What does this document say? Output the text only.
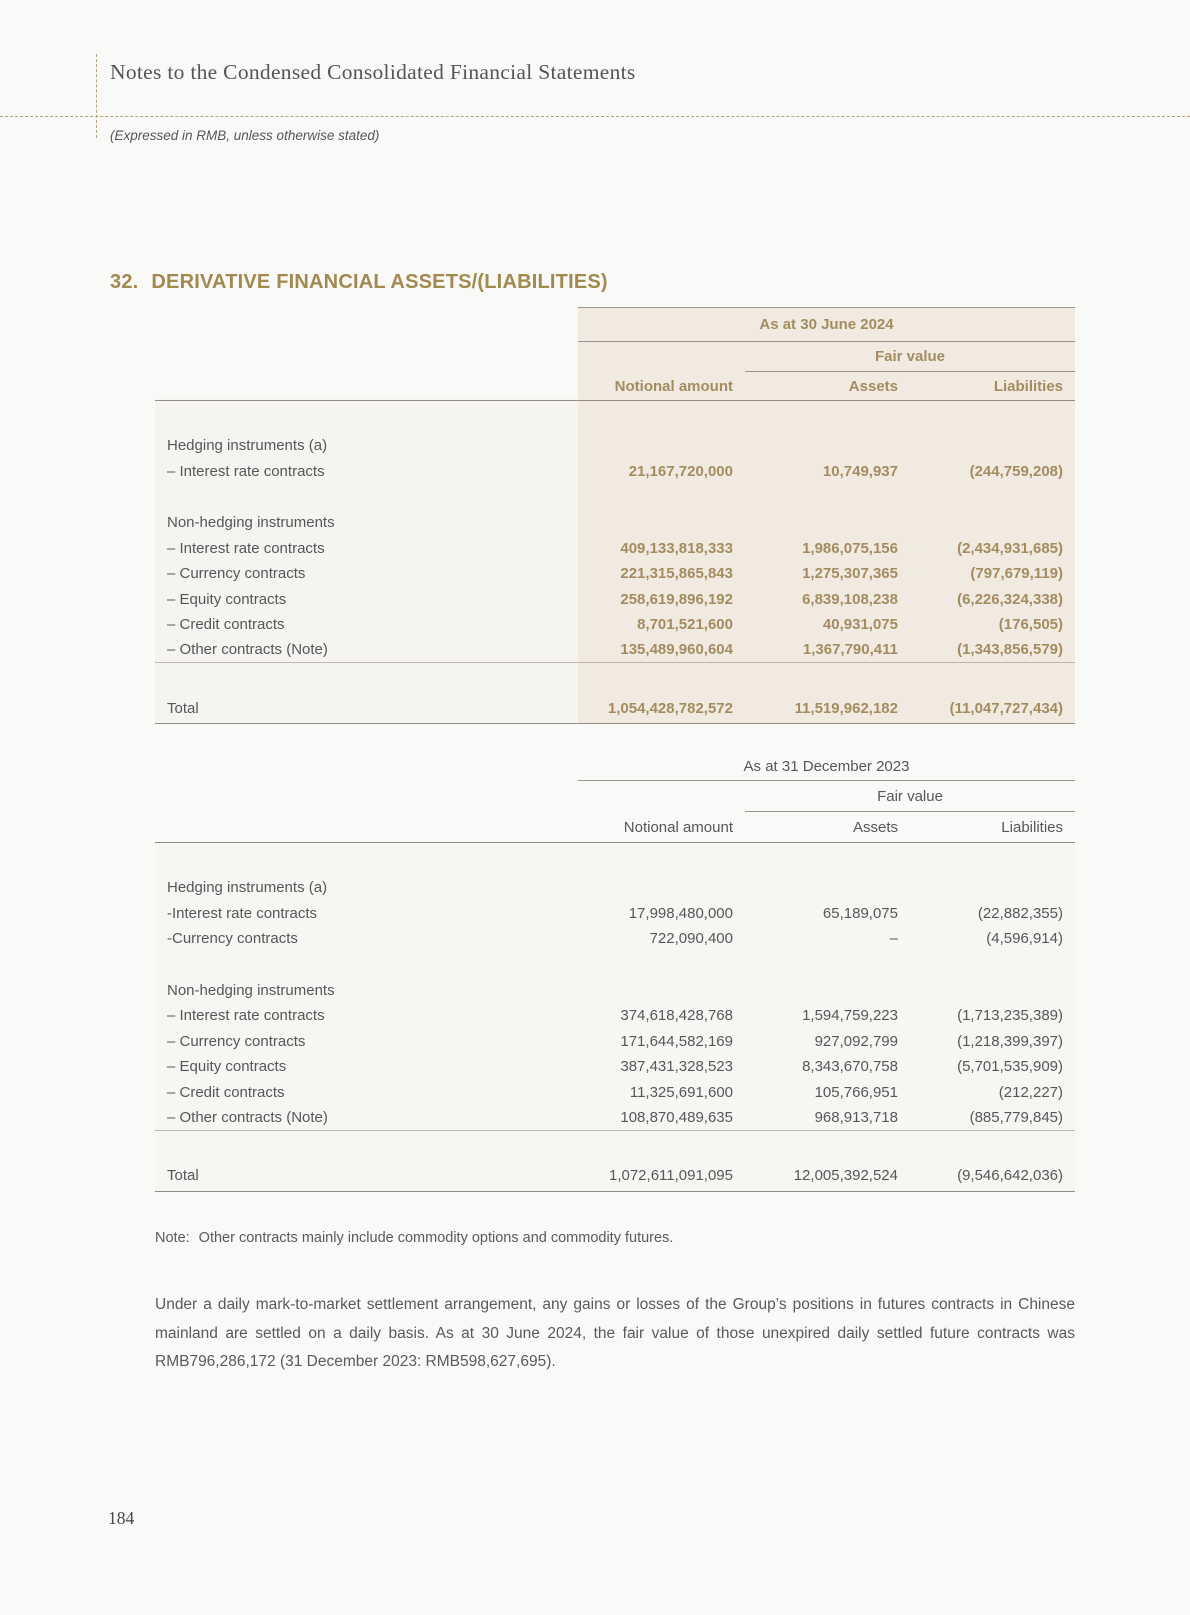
Notes to the Condensed Consolidated Financial Statements
(Expressed in RMB, unless otherwise stated)
32. DERIVATIVE FINANCIAL ASSETS/(LIABILITIES)
As at 30 June 2024
Fair value
Notional amount	Assets	Liabilities
Hedging instruments (a)
– Interest rate contracts	21,167,720,000	10,749,937	(244,759,208)
Non-hedging instruments
– Interest rate contracts	409,133,818,333	1,986,075,156	(2,434,931,685)
– Currency contracts	221,315,865,843	1,275,307,365	(797,679,119)
– Equity contracts	258,619,896,192	6,839,108,238	(6,226,324,338)
– Credit contracts	8,701,521,600	40,931,075	(176,505)
– Other contracts (Note)	135,489,960,604	1,367,790,411	(1,343,856,579)
Total	1,054,428,782,572	11,519,962,182	(11,047,727,434)
As at 31 December 2023
Fair value
Notional amount	Assets	Liabilities
Hedging instruments (a)
-Interest rate contracts	17,998,480,000	65,189,075	(22,882,355)
-Currency contracts	722,090,400	–	(4,596,914)
Non-hedging instruments
– Interest rate contracts	374,618,428,768	1,594,759,223	(1,713,235,389)
– Currency contracts	171,644,582,169	927,092,799	(1,218,399,397)
– Equity contracts	387,431,328,523	8,343,670,758	(5,701,535,909)
– Credit contracts	11,325,691,600	105,766,951	(212,227)
– Other contracts (Note)	108,870,489,635	968,913,718	(885,779,845)
Total	1,072,611,091,095	12,005,392,524	(9,546,642,036)
Note: Other contracts mainly include commodity options and commodity futures.
Under a daily mark-to-market settlement arrangement, any gains or losses of the Group’s positions in futures contracts in Chinese mainland are settled on a daily basis. As at 30 June 2024, the fair value of those unexpired daily settled future contracts was RMB796,286,172 (31 December 2023: RMB598,627,695).
184
